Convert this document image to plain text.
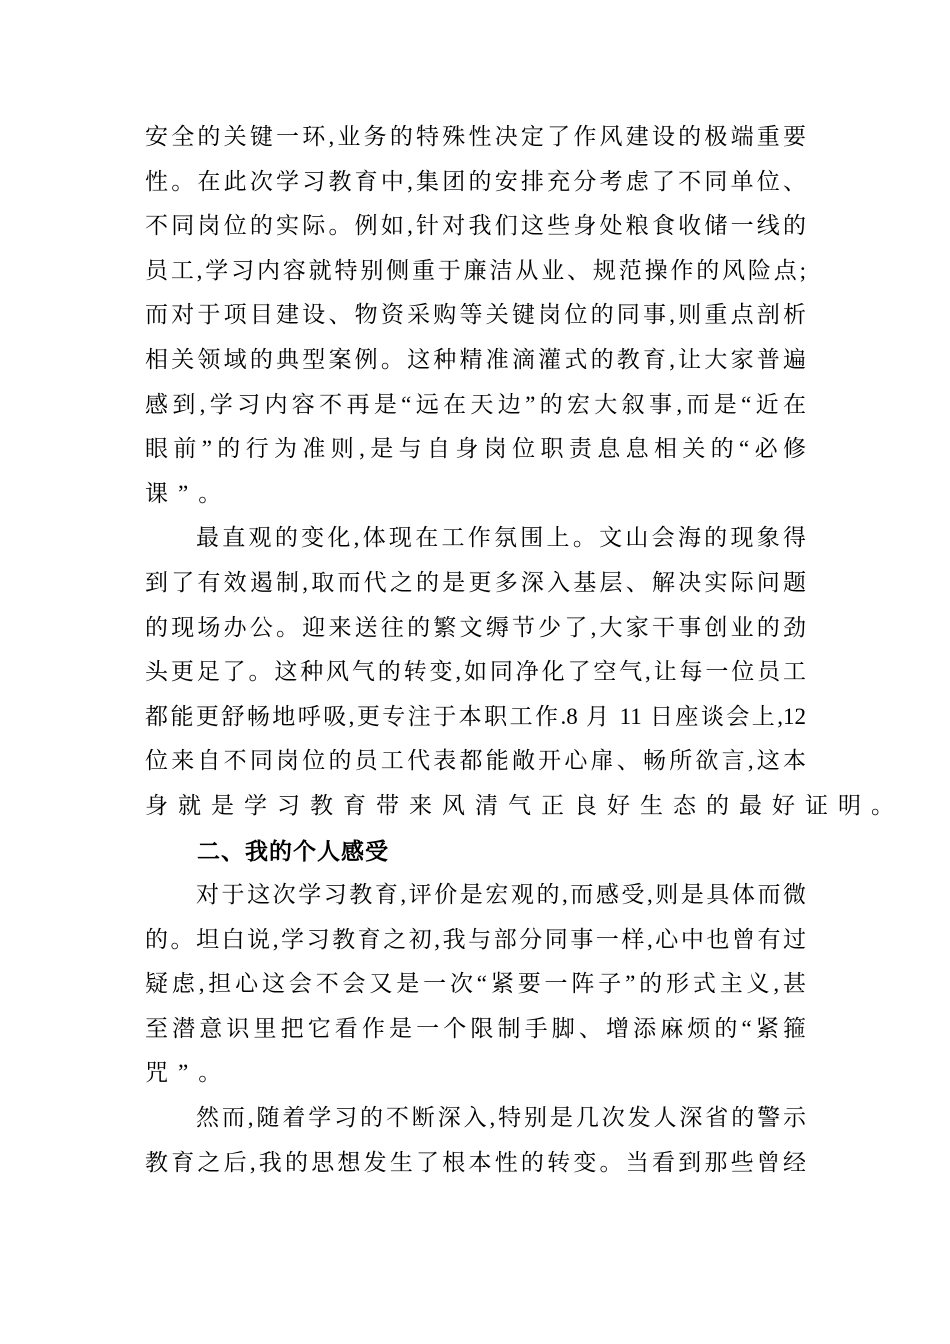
安全的关键一环,业务的特殊性决定了作风建设的极端重要
性。在此次学习教育中,集团的安排充分考虑了不同单位、
不同岗位的实际。例如,针对我们这些身处粮食收储一线的
员工,学习内容就特别侧重于廉洁从业、规范操作的风险点;
而对于项目建设、物资采购等关键岗位的同事,则重点剖析
相关领域的典型案例。这种精准滴灌式的教育,让大家普遍
感到,学习内容不再是“远在天边”的宏大叙事,而是“近在
眼前”的行为准则,是与自身岗位职责息息相关的“必修
课”。
最直观的变化,体现在工作氛围上。文山会海的现象得
到了有效遏制,取而代之的是更多深入基层、解决实际问题
的现场办公。迎来送往的繁文缛节少了,大家干事创业的劲
头更足了。这种风气的转变,如同净化了空气,让每一位员工
都能更舒畅地呼吸,更专注于本职工作.8 月 11 日座谈会上,12
位来自不同岗位的员工代表都能敞开心扉、畅所欲言,这本
身就是学习教育带来风清气正良好生态的最好证明。
二、我的个人感受
对于这次学习教育,评价是宏观的,而感受,则是具体而微
的。坦白说,学习教育之初,我与部分同事一样,心中也曾有过
疑虑,担心这会不会又是一次“紧要一阵子”的形式主义,甚
至潜意识里把它看作是一个限制手脚、增添麻烦的“紧箍
咒”。
然而,随着学习的不断深入,特别是几次发人深省的警示
教育之后,我的思想发生了根本性的转变。当看到那些曾经
